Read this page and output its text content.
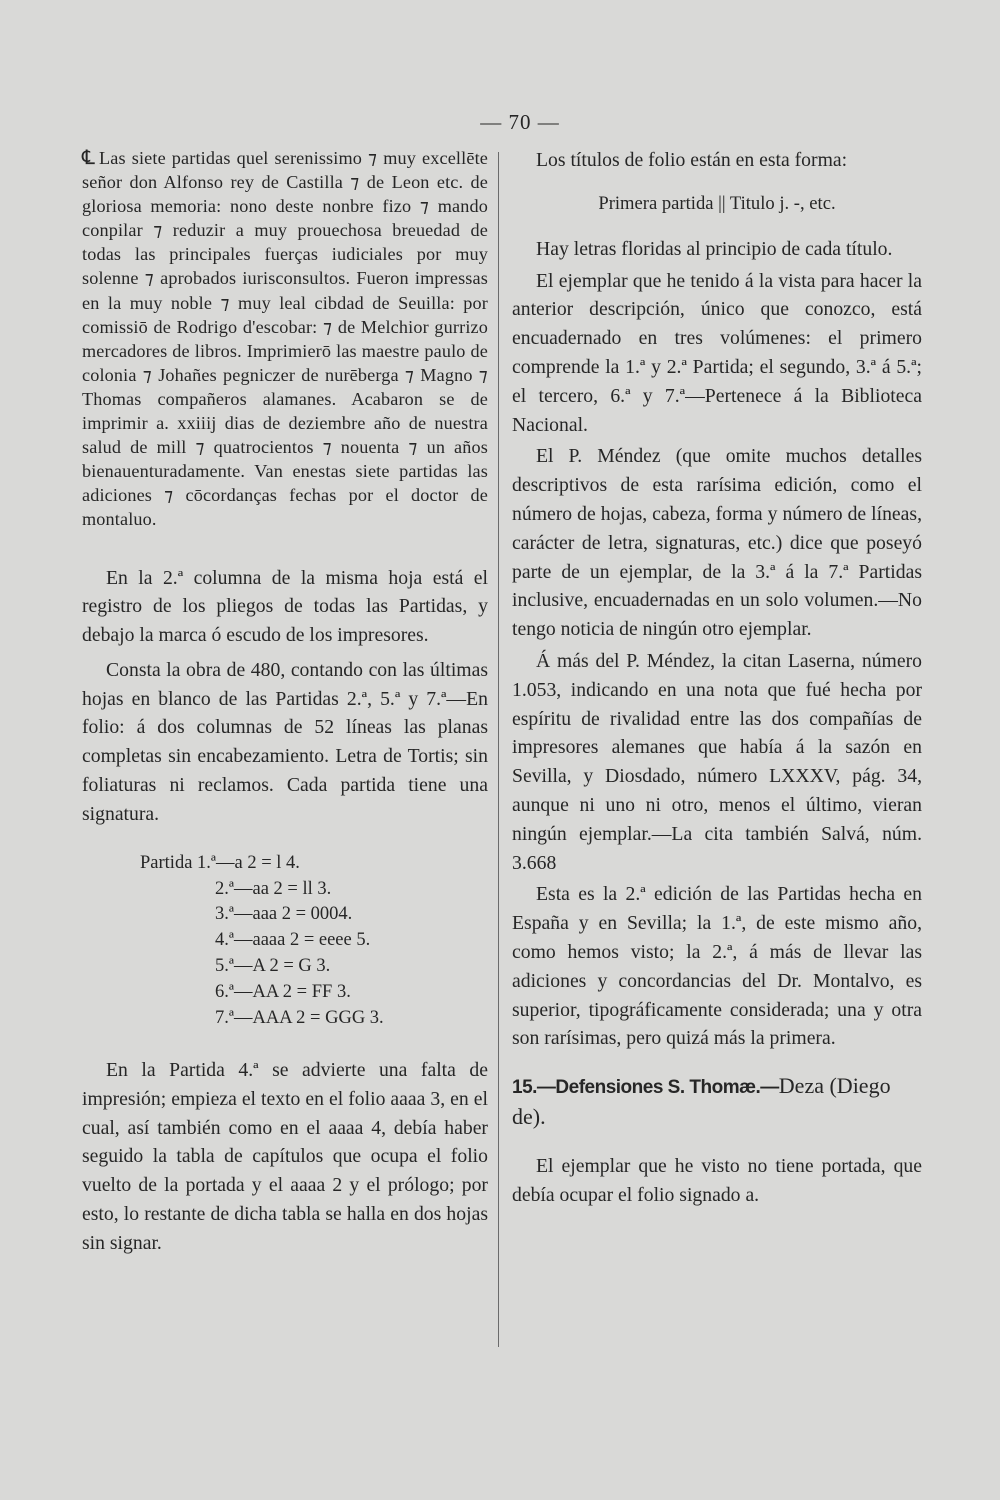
— 70 —

℄ Las siete partidas quel serenissimo ⁊ muy excellēte señor don Alfonso rey de Castilla ⁊ de Leon etc. de gloriosa memoria: nono deste nonbre fizo ⁊ mando conpilar ⁊ reduzir a muy prouechosa breuedad de todas las principales fuerças iudiciales por muy solenne ⁊ aprobados iurisconsultos. Fueron impressas en la muy noble ⁊ muy leal cibdad de Seuilla: por comissiō de Rodrigo d'escobar: ⁊ de Melchior gurrizo mercadores de libros. Imprimierō las maestre paulo de colonia ⁊ Johañes pegniczer de nurēberga ⁊ Magno ⁊ Thomas compañeros alamanes. Acabaron se de imprimir a. xxiiij dias de deziembre año de nuestra salud de mill ⁊ quatrocientos ⁊ nouenta ⁊ un años bienauenturadamente. Van enestas siete partidas las adiciones ⁊ cōcordanças fechas por el doctor de montaluo.

En la 2.ª columna de la misma hoja está el registro de los pliegos de todas las Partidas, y debajo la marca ó escudo de los impresores.

Consta la obra de 480, contando con las últimas hojas en blanco de las Partidas 2.ª, 5.ª y 7.ª—En folio: á dos columnas de 52 líneas las planas completas sin encabezamiento. Letra de Tortis; sin foliaturas ni reclamos. Cada partida tiene una signatura.

Partida 1.ª—a 2 = l 4.
2.ª—aa 2 = ll 3.
3.ª—aaa 2 = 0004.
4.ª—aaaa 2 = eeee 5.
5.ª—A 2 = G 3.
6.ª—AA 2 = FF 3.
7.ª—AAA 2 = GGG 3.

En la Partida 4.ª se advierte una falta de impresión; empieza el texto en el folio aaaa 3, en el cual, así también como en el aaaa 4, debía haber seguido la tabla de capítulos que ocupa el folio vuelto de la portada y el aaaa 2 y el prólogo; por esto, lo restante de dicha tabla se halla en dos hojas sin signar.

Los títulos de folio están en esta forma:

Primera partida || Titulo j. -, etc.

Hay letras floridas al principio de cada título.

El ejemplar que he tenido á la vista para hacer la anterior descripción, único que conozco, está encuadernado en tres volúmenes: el primero comprende la 1.ª y 2.ª Partida; el segundo, 3.ª á 5.ª; el tercero, 6.ª y 7.ª—Pertenece á la Biblioteca Nacional.

El P. Méndez (que omite muchos detalles descriptivos de esta rarísima edición, como el número de hojas, cabeza, forma y número de líneas, carácter de letra, signaturas, etc.) dice que poseyó parte de un ejemplar, de la 3.ª á la 7.ª Partidas inclusive, encuadernadas en un solo volumen.—No tengo noticia de ningún otro ejemplar.

Á más del P. Méndez, la citan Laserna, número 1.053, indicando en una nota que fué hecha por espíritu de rivalidad entre las dos compañías de impresores alemanes que había á la sazón en Sevilla, y Diosdado, número LXXXV, pág. 34, aunque ni uno ni otro, menos el último, vieran ningún ejemplar.—La cita también Salvá, núm. 3.668

Esta es la 2.ª edición de las Partidas hecha en España y en Sevilla; la 1.ª, de este mismo año, como hemos visto; la 2.ª, á más de llevar las adiciones y concordancias del Dr. Montalvo, es superior, tipográficamente considerada; una y otra son rarísimas, pero quizá más la primera.

15.—Defensiones S. Thomæ.—Deza (Diego de).

El ejemplar que he visto no tiene portada, que debía ocupar el folio signado a.
